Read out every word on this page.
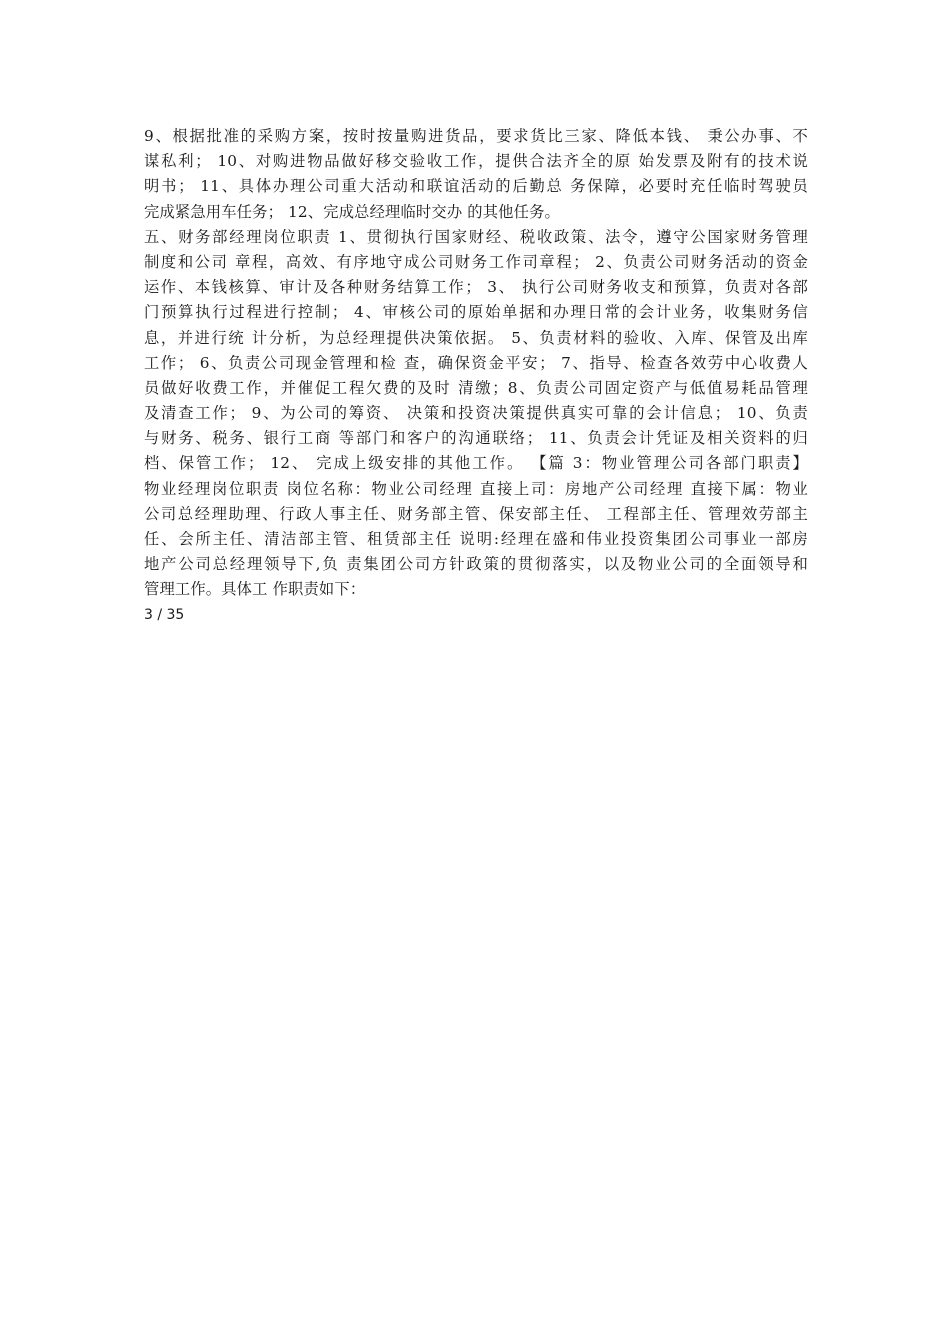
9、根据批准的采购方案，按时按量购进货品，要求货比三家、降低本钱、 秉公办事、不
谋私利； 10、对购进物品做好移交验收工作，提供合法齐全的原 始发票及附有的技术说
明书； 11、具体办理公司重大活动和联谊活动的后勤总 务保障，必要时充任临时驾驶员
完成紧急用车任务； 12、完成总经理临时交办 的其他任务。
五、财务部经理岗位职责 1、贯彻执行国家财经、税收政策、法令，遵守公国家财务管理
制度和公司 章程，高效、有序地守成公司财务工作司章程； 2、负责公司财务活动的资金
运作、本钱核算、审计及各种财务结算工作； 3、 执行公司财务收支和预算，负责对各部
门预算执行过程进行控制； 4、审核公司的原始单据和办理日常的会计业务，收集财务信
息，并进行统 计分析，为总经理提供决策依据。 5、负责材料的验收、入库、保管及出库
工作； 6、负责公司现金管理和检 查，确保资金平安； 7、指导、检查各效劳中心收费人
员做好收费工作，并催促工程欠费的及时 清缴；8、负责公司固定资产与低值易耗品管理
及清查工作； 9、为公司的筹资、 决策和投资决策提供真实可靠的会计信息； 10、负责
与财务、税务、银行工商 等部门和客户的沟通联络； 11、负责会计凭证及相关资料的归
档、保管工作； 12、 完成上级安排的其他工作。 【篇 3：物业管理公司各部门职责】
物业经理岗位职责 岗位名称：物业公司经理 直接上司：房地产公司经理 直接下属：物业
公司总经理助理、行政人事主任、财务部主管、保安部主任、 工程部主任、管理效劳部主
任、会所主任、清洁部主管、租赁部主任 说明:经理在盛和伟业投资集团公司事业一部房
地产公司总经理领导下,负 责集团公司方针政策的贯彻落实，以及物业公司的全面领导和
管理工作。具体工 作职责如下：
3 / 35
